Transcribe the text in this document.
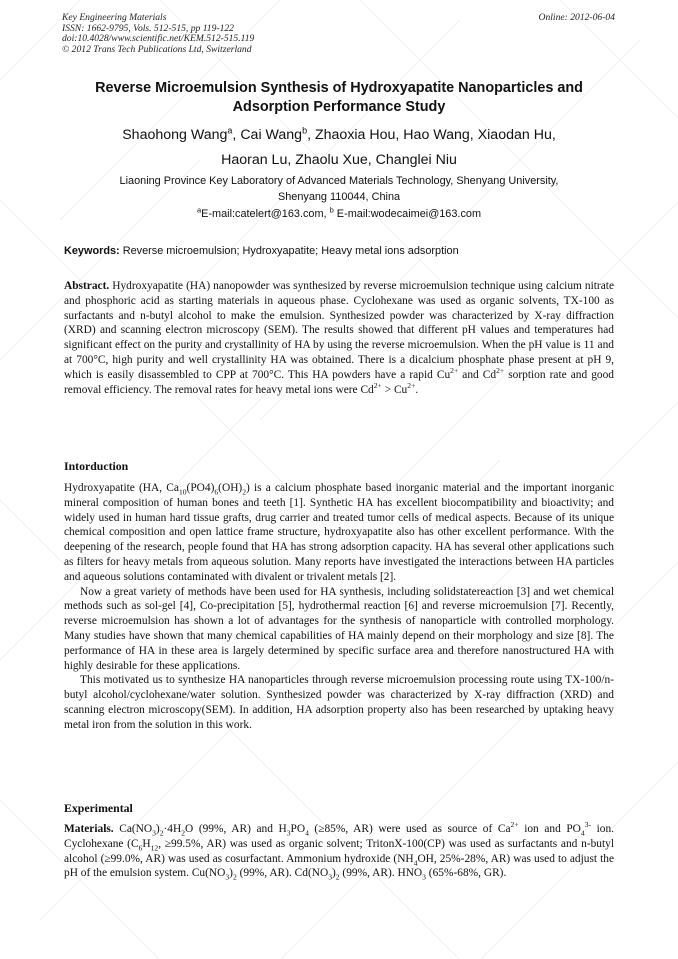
Key Engineering Materials
ISSN: 1662-9795, Vols. 512-515, pp 119-122
doi:10.4028/www.scientific.net/KEM.512-515.119
© 2012 Trans Tech Publications Ltd, Switzerland
Online: 2012-06-04
Reverse Microemulsion Synthesis of Hydroxyapatite Nanoparticles and
Adsorption Performance Study
Shaohong Wang$^a$, Cai Wang$^b$, Zhaoxia Hou, Hao Wang, Xiaodan Hu,
Haoran Lu, Zhaolu Xue, Changlei Niu
Liaoning Province Key Laboratory of Advanced Materials Technology, Shenyang University,
Shenyang 110044, China
$^a$E-mail:catelert@163.com, $^b$ E-mail:wodecaimei@163.com
Keywords: Reverse microemulsion; Hydroxyapatite; Heavy metal ions adsorption
Abstract. Hydroxyapatite (HA) nanopowder was synthesized by reverse microemulsion technique using calcium nitrate and phosphoric acid as starting materials in aqueous phase. Cyclohexane was used as organic solvents, TX-100 as surfactants and n-butyl alcohol to make the emulsion. Synthesized powder was characterized by X-ray diffraction (XRD) and scanning electron microscopy (SEM). The results showed that different pH values and temperatures had significant effect on the purity and crystallinity of HA by using the reverse microemulsion. When the pH value is 11 and at 700°C, high purity and well crystallinity HA was obtained. There is a dicalcium phosphate phase present at pH 9, which is easily disassembled to CPP at 700°C. This HA powders have a rapid $Cu^{2+}$ and $Cd^{2+}$ sorption rate and good removal efficiency. The removal rates for heavy metal ions were $Cd^{2+} > Cu^{2+}$.
Intorduction

Hydroxyapatite (HA, $Ca_{10}(PO4)_6(OH)_2$) is a calcium phosphate based inorganic material and the important inorganic mineral composition of human bones and teeth [1]. Synthetic HA has excellent biocompatibility and bioactivity; and widely used in human hard tissue grafts, drug carrier and treated tumor cells of medical aspects. Because of its unique chemical composition and open lattice frame structure, hydroxyapatite also has other excellent performance. With the deepening of the research, people found that HA has strong adsorption capacity. HA has several other applications such as filters for heavy metals from aqueous solution. Many reports have investigated the interactions between HA particles and aqueous solutions contaminated with divalent or trivalent metals [2].

Now a great variety of methods have been used for HA synthesis, including solidstatereaction [3] and wet chemical methods such as sol-gel [4], Co-precipitation [5], hydrothermal reaction [6] and reverse microemulsion [7]. Recently, reverse microemulsion has shown a lot of advantages for the synthesis of nanoparticle with controlled morphology. Many studies have shown that many chemical capabilities of HA mainly depend on their morphology and size [8]. The performance of HA in these area is largely determined by specific surface area and therefore nanostructured HA with highly desirable for these applications.

This motivated us to synthesize HA nanoparticles through reverse microemulsion processing route using TX-100/n-butyl alcohol/cyclohexane/water solution. Synthesized powder was characterized by X-ray diffraction (XRD) and scanning electron microscopy(SEM). In addition, HA adsorption property also has been researched by uptaking heavy metal iron from the solution in this work.

Experimental
Materials. $Ca(NO_3)_2\cdot 4H_2O$ (99%, AR) and $H_3PO_4$ (≥85%, AR) were used as source of $Ca^{2+}$ ion and $PO_4^{3-}$ ion. Cyclohexane ($C_6H_{12}$, ≥99.5%, AR) was used as organic solvent; TritonX-100(CP) was used as surfactants and n-butyl alcohol (≥99.0%, AR) was used as cosurfactant. Ammonium hydroxide ($NH_4OH$, 25%-28%, AR) was used to adjust the pH of the emulsion system. $Cu(NO_3)_2$ (99%, AR). $Cd(NO_3)_2$ (99%, AR). $HNO_3$ (65%-68%, GR).
